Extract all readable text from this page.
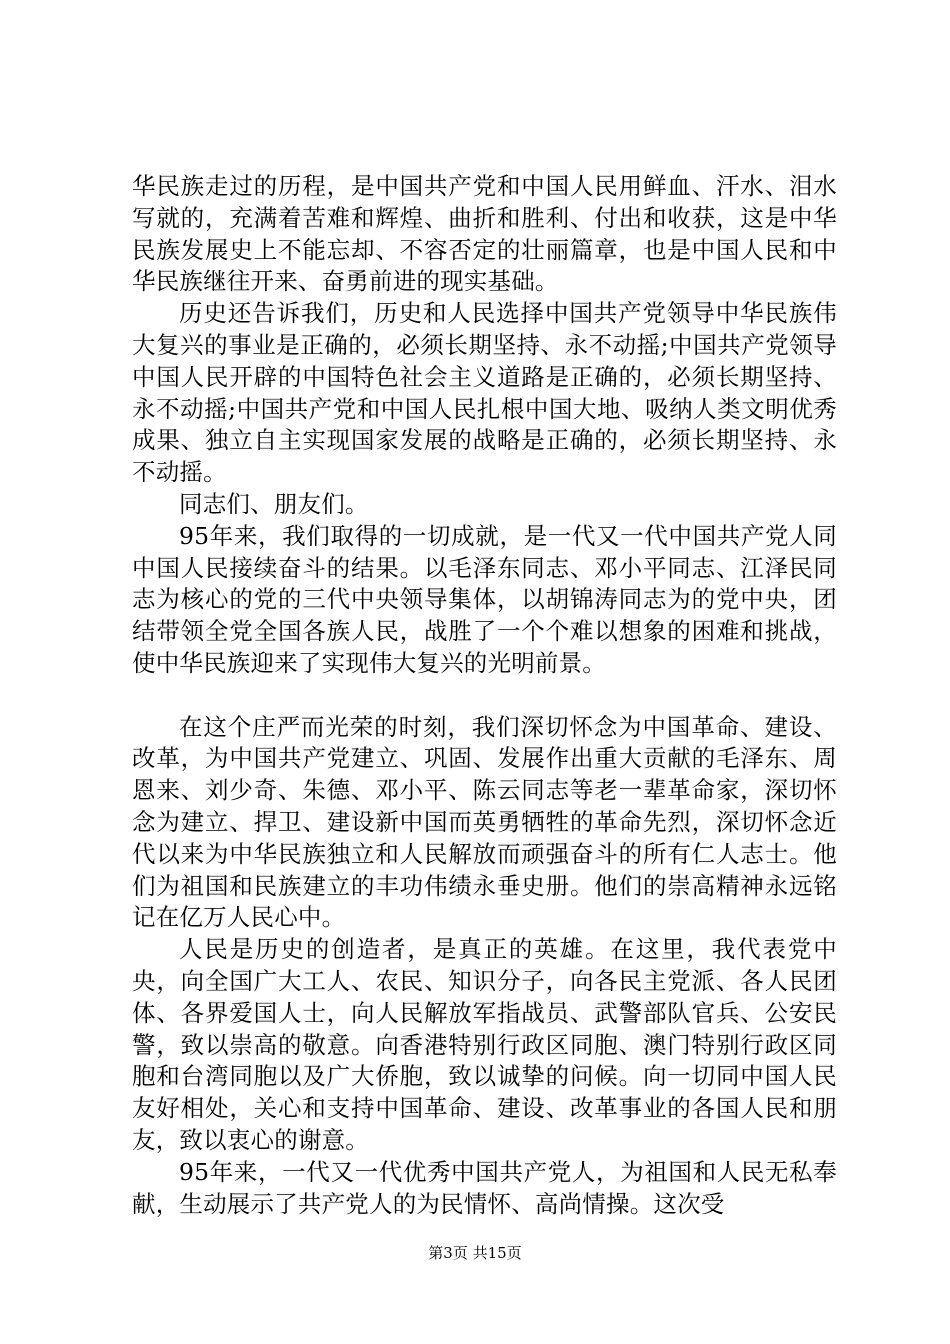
华民族走过的历程，是中国共产党和中国人民用鲜血、汗水、泪水写就的，充满着苦难和辉煌、曲折和胜利、付出和收获，这是中华民族发展史上不能忘却、不容否定的壮丽篇章，也是中国人民和中华民族继往开来、奋勇前进的现实基础。

历史还告诉我们，历史和人民选择中国共产党领导中华民族伟大复兴的事业是正确的，必须长期坚持、永不动摇;中国共产党领导中国人民开辟的中国特色社会主义道路是正确的，必须长期坚持、永不动摇;中国共产党和中国人民扎根中国大地、吸纳人类文明优秀成果、独立自主实现国家发展的战略是正确的，必须长期坚持、永不动摇。

同志们、朋友们。

95年来，我们取得的一切成就，是一代又一代中国共产党人同中国人民接续奋斗的结果。以毛泽东同志、邓小平同志、江泽民同志为核心的党的三代中央领导集体，以胡锦涛同志为的党中央，团结带领全党全国各族人民，战胜了一个个难以想象的困难和挑战，使中华民族迎来了实现伟大复兴的光明前景。

在这个庄严而光荣的时刻，我们深切怀念为中国革命、建设、改革，为中国共产党建立、巩固、发展作出重大贡献的毛泽东、周恩来、刘少奇、朱德、邓小平、陈云同志等老一辈革命家，深切怀念为建立、捍卫、建设新中国而英勇牺牲的革命先烈，深切怀念近代以来为中华民族独立和人民解放而顽强奋斗的所有仁人志士。他们为祖国和民族建立的丰功伟绩永垂史册。他们的崇高精神永远铭记在亿万人民心中。

人民是历史的创造者，是真正的英雄。在这里，我代表党中央，向全国广大工人、农民、知识分子，向各民主党派、各人民团体、各界爱国人士，向人民解放军指战员、武警部队官兵、公安民警，致以崇高的敬意。向香港特别行政区同胞、澳门特别行政区同胞和台湾同胞以及广大侨胞，致以诚挚的问候。向一切同中国人民友好相处，关心和支持中国革命、建设、改革事业的各国人民和朋友，致以衷心的谢意。

95年来，一代又一代优秀中国共产党人，为祖国和人民无私奉献，生动展示了共产党人的为民情怀、高尚情操。这次受

第3页 共15页
